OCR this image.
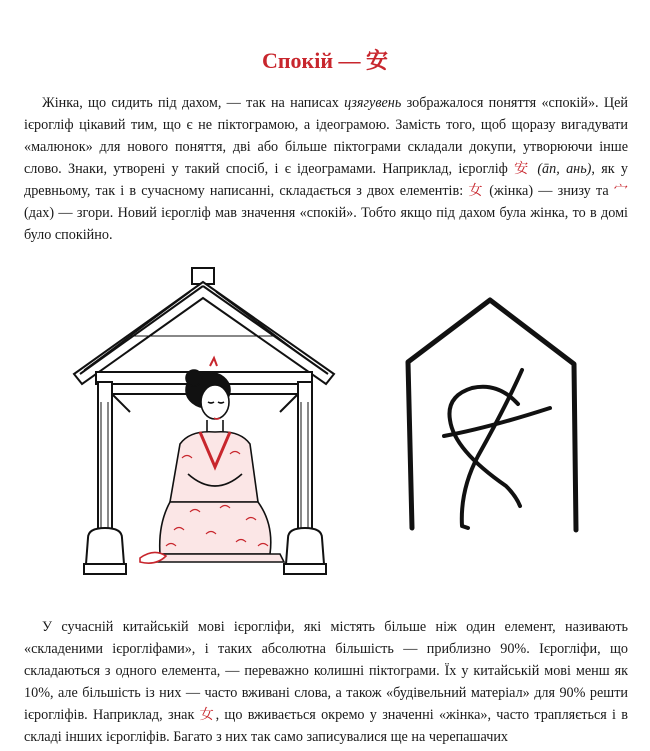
Спокій — 安

Жінка, що сидить під дахом, — так на написах цзягувень зображалося поняття «спокій». Цей ієрогліф цікавий тим, що є не піктограмою, а ідеограмою. Замість того, щоб щоразу вигадувати «малюнок» для нового поняття, дві або більше піктограми складали докупи, утворюючи інше слово. Знаки, утворені у такий спосіб, і є ідеограмами. Наприклад, ієрогліф 安 (ān, ань), як у древньому, так і в сучасному написанні, складається з двох елементів: 女 (жінка) — знизу та 宀 (дах) — згори. Новий ієрогліф мав значення «спокій». Тобто якщо під дахом була жінка, то в домі було спокійно.

У сучасній китайській мові ієрогліфи, які містять більше ніж один елемент, називають «складеними ієрогліфами», і таких абсолютна більшість — приблизно 90%. Ієрогліфи, що складаються з одного елемента, — переважно колишні піктограми. Їх у китайській мові менш як 10%, але більшість із них — часто вживані слова, а також «будівельний матеріал» для 90% решти ієрогліфів. Наприклад, знак 女, що вживається окремо у значенні «жінка», часто трапляється і в складі інших ієрогліфів. Багато з них так само записувалися ще на черепашачих
